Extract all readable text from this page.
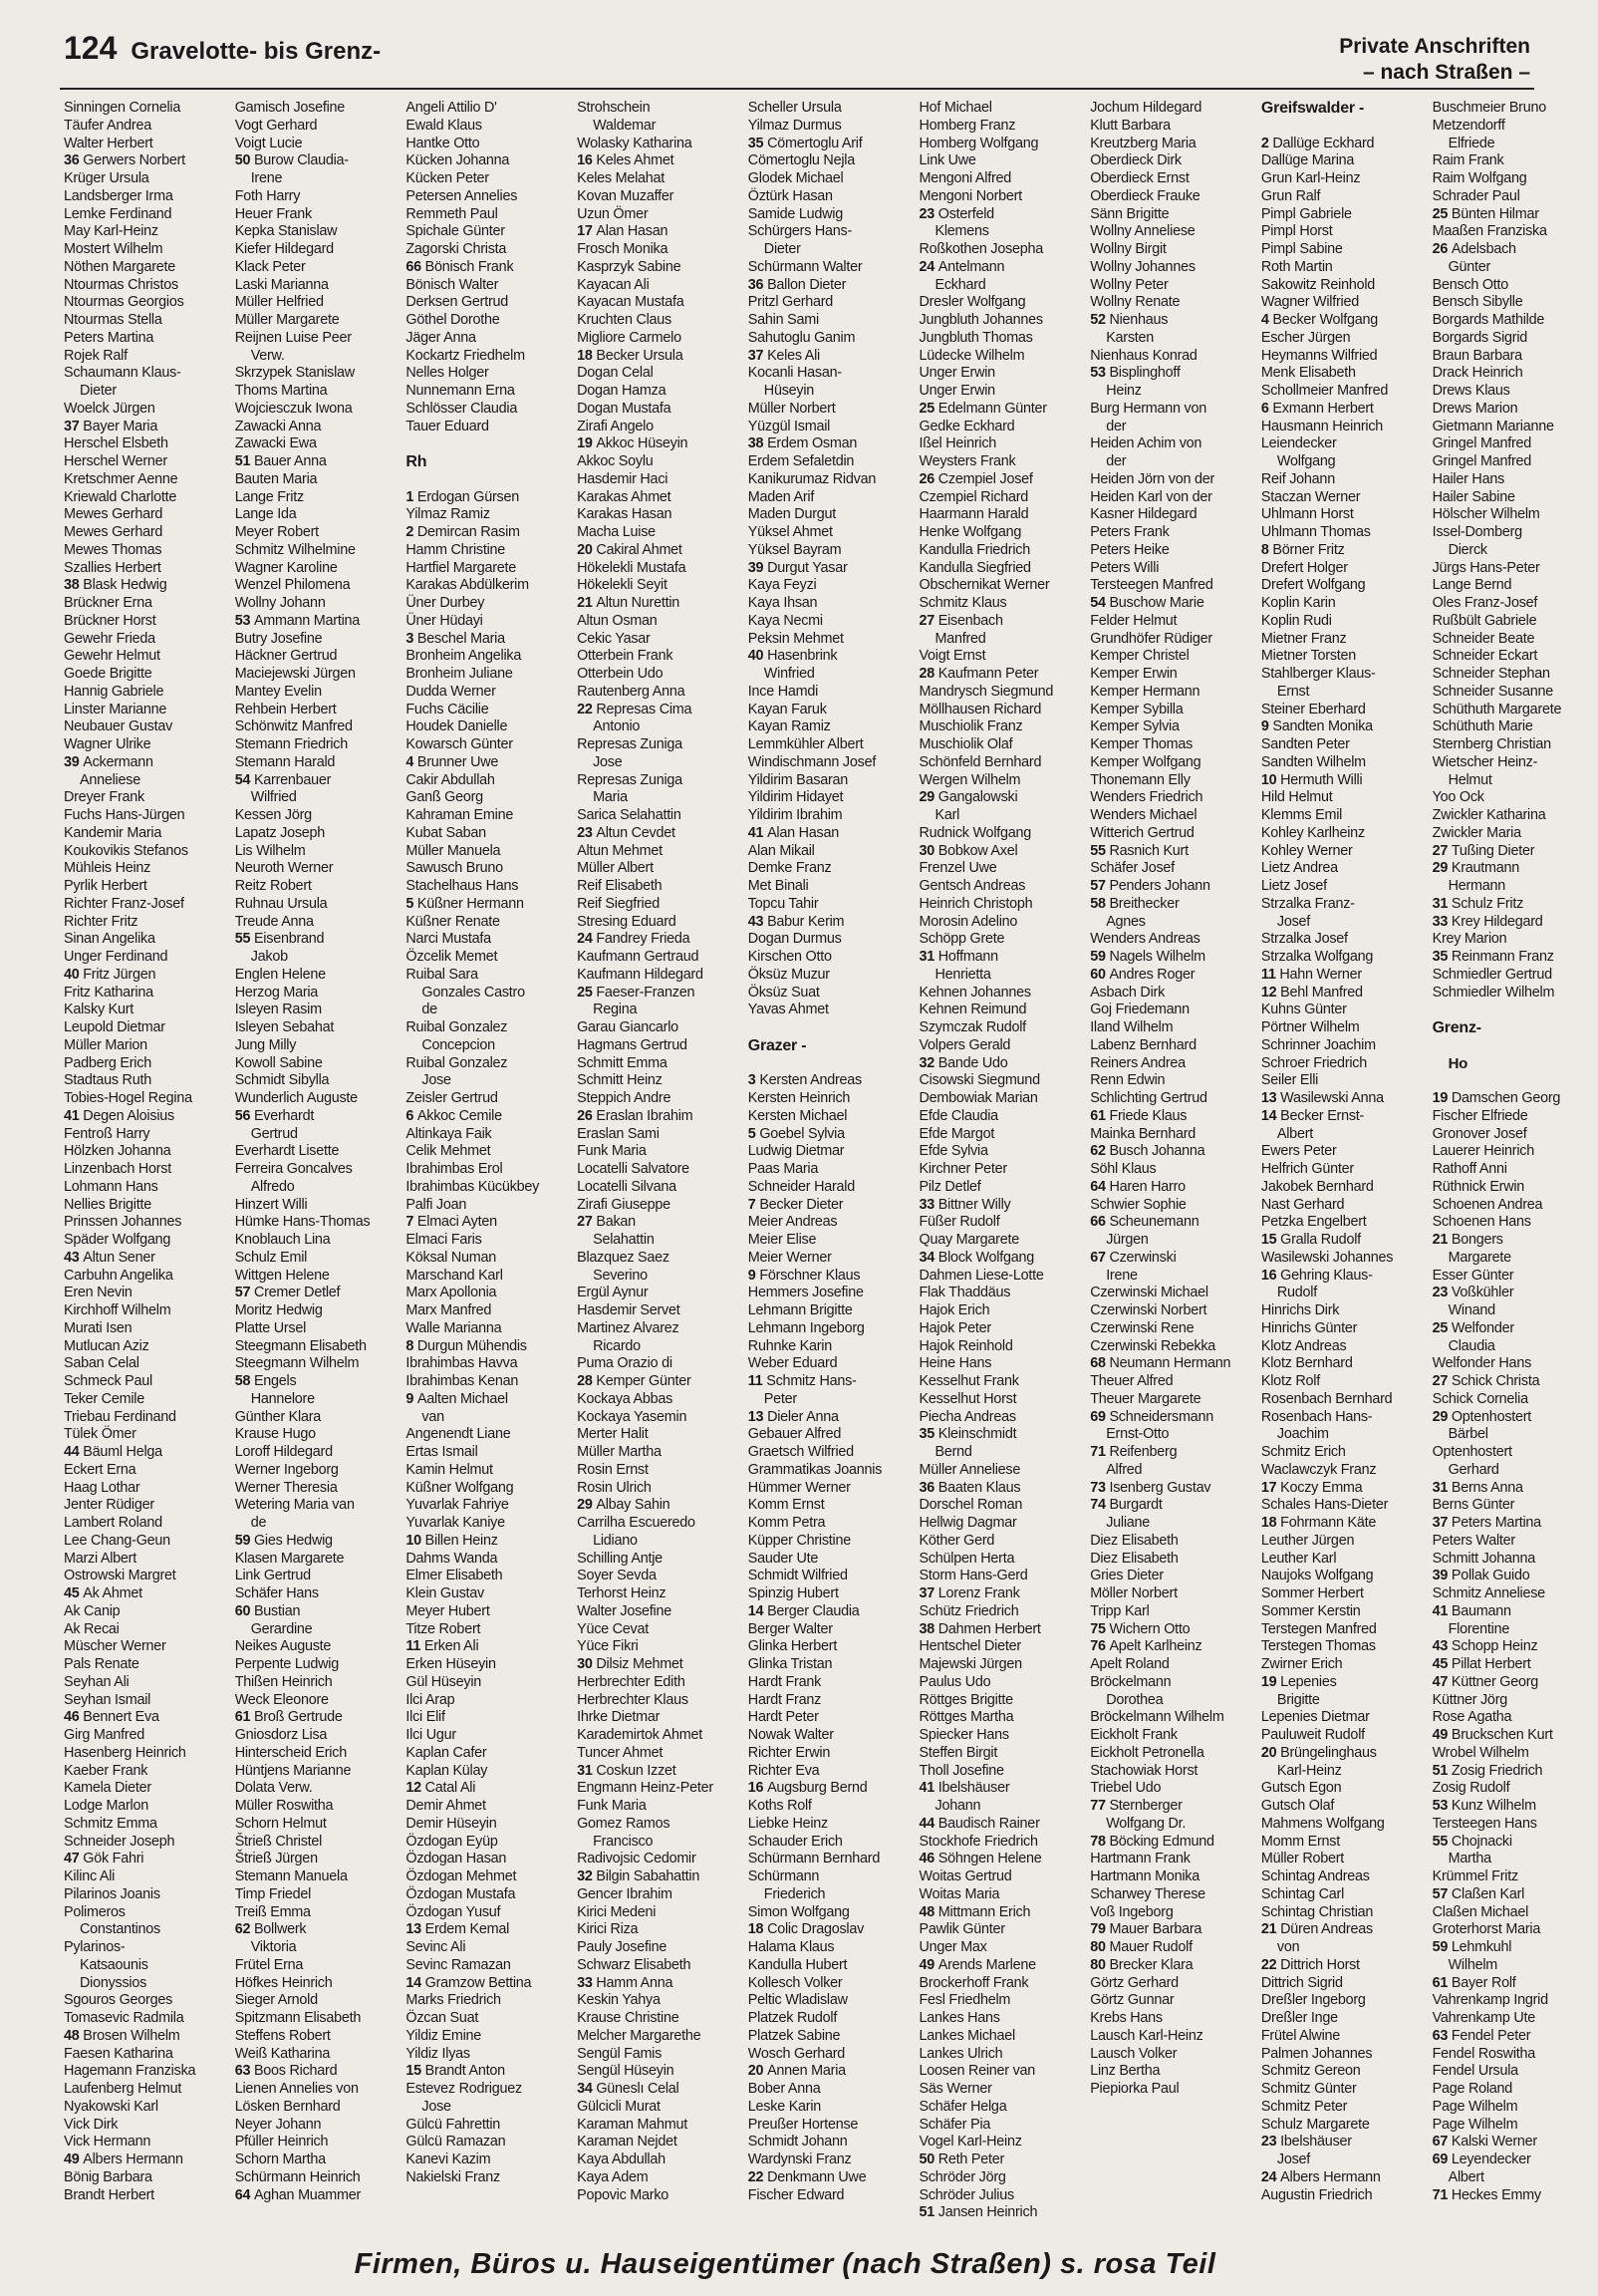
124 Gravelotte- bis Grenz-	Private Anschriften
– nach Straßen –
Sinningen Cornelia
Täufer Andrea
Walter Herbert
36 Gerwers Norbert
Krüger Ursula
Landsberger Irma
Lemke Ferdinand
May Karl-Heinz
Mostert Wilhelm
Nöthen Margarete
Ntourmas Christos
Ntourmas Georgios
Ntourmas Stella
Peters Martina
Rojek Ralf
Schaumann Klaus-
Dieter
Woelck Jürgen
37 Bayer Maria
Herschel Elsbeth
Herschel Werner
Kretschmer Aenne
Kriewald Charlotte
Mewes Gerhard
Mewes Gerhard
Mewes Thomas
Szallies Herbert
38 Blask Hedwig
Brückner Erna
Brückner Horst
Gewehr Frieda
Gewehr Helmut
Goede Brigitte
Hannig Gabriele
Linster Marianne
Neubauer Gustav
Wagner Ulrike
39 Ackermann
Anneliese
Dreyer Frank
Fuchs Hans-Jürgen
Kandemir Maria
Koukovikis Stefanos
Mühleis Heinz
Pyrlik Herbert
Richter Franz-Josef
Richter Fritz
Sinan Angelika
Unger Ferdinand
40 Fritz Jürgen
Fritz Katharina
Kalsky Kurt
Leupold Dietmar
Müller Marion
Padberg Erich
Stadtaus Ruth
Tobies-Hogel Regina
41 Degen Aloisius
Fentroß Harry
Hölzken Johanna
Linzenbach Horst
Lohmann Hans
Nellies Brigitte
Prinssen Johannes
Späder Wolfgang
43 Altun Sener
Carbuhn Angelika
Eren Nevin
Kirchhoff Wilhelm
Murati Isen
Mutlucan Aziz
Saban Celal
Schmeck Paul
Teker Cemile
Triebau Ferdinand
Tülek Ömer
44 Bäuml Helga
Eckert Erna
Haag Lothar
Jenter Rüdiger
Lambert Roland
Lee Chang-Geun
Marzi Albert
Ostrowski Margret
45 Ak Ahmet
Ak Canip
Ak Recai
Müscher Werner
Pals Renate
Seyhan Ali
Seyhan Ismail
46 Bennert Eva
Girg Manfred
Hasenberg Heinrich
Kaeber Frank
Kamela Dieter
Lodge Marlon
Schmitz Emma
Schneider Joseph
47 Gök Fahri
Kilinc Ali
Pilarinos Joanis
Polimeros
Constantinos
Pylarinos-
Katsaounis
Dionyssios
Sgouros Georges
Tomasevic Radmila
48 Brosen Wilhelm
Faesen Katharina
Hagemann Franziska
Laufenberg Helmut
Nyakowski Karl
Vick Dirk
Vick Hermann
49 Albers Hermann
Bönig Barbara
Brandt Herbert
Gamisch Josefine
Vogt Gerhard
Voigt Lucie
50 Burow Claudia-
Irene
Foth Harry
Heuer Frank
Kepka Stanislaw
Kiefer Hildegard
Klack Peter
Laski Marianna
Müller Helfried
Müller Margarete
Reijnen Luise Peer
Verw.
Skrzypek Stanislaw
Thoms Martina
Wojciesczuk Iwona
Zawacki Anna
Zawacki Ewa
51 Bauer Anna
Bauten Maria
Lange Fritz
Lange Ida
Meyer Robert
Schmitz Wilhelmine
Wagner Karoline
Wenzel Philomena
Wollny Johann
53 Ammann Martina
Butry Josefine
Häckner Gertrud
Maciejewski Jürgen
Mantey Evelin
Rehbein Herbert
Schönwitz Manfred
Stemann Friedrich
Stemann Harald
54 Karrenbauer
Wilfried
Kessen Jörg
Lapatz Joseph
Lis Wilhelm
Neuroth Werner
Reitz Robert
Ruhnau Ursula
Treude Anna
55 Eisenbrand
Jakob
Englen Helene
Herzog Maria
Isleyen Rasim
Isleyen Sebahat
Jung Milly
Kowoll Sabine
Schmidt Sibylla
Wunderlich Auguste
56 Everhardt
Gertrud
Everhardt Lisette
Ferreira Goncalves
Alfredo
Hinzert Willi
Hümke Hans-Thomas
Knoblauch Lina
Schulz Emil
Wittgen Helene
57 Cremer Detlef
Moritz Hedwig
Platte Ursel
Steegmann Elisabeth
Steegmann Wilhelm
58 Engels
Hannelore
Günther Klara
Krause Hugo
Loroff Hildegard
Werner Ingeborg
Werner Theresia
Wetering Maria van
de
59 Gies Hedwig
Klasen Margarete
Link Gertrud
Schäfer Hans
60 Bustian
Gerardine
Neikes Auguste
Perpente Ludwig
Thißen Heinrich
Weck Eleonore
61 Broß Gertrude
Gniosdorz Lisa
Hinterscheid Erich
Hüntjens Marianne
Dolata Verw.
Müller Roswitha
Schorn Helmut
Štrieß Christel
Štrieß Jürgen
Stemann Manuela
Timp Friedel
Treiß Emma
62 Bollwerk
Viktoria
Frütel Erna
Höfkes Heinrich
Sieger Arnold
Spitzmann Elisabeth
Steffens Robert
Weiß Katharina
63 Boos Richard
Lienen Annelies von
Lösken Bernhard
Neyer Johann
Pfüller Heinrich
Schorn Martha
Schürmann Heinrich
64 Aghan Muammer
Angeli Attilio D'
Ewald Klaus
Hantke Otto
Kücken Johanna
Kücken Peter
Petersen Annelies
Remmeth Paul
Spichale Günter
Zagorski Christa
66 Bönisch Frank
Bönisch Walter
Derksen Gertrud
Göthel Dorothe
Jäger Anna
Kockartz Friedhelm
Nelles Holger
Nunnemann Erna
Schlösser Claudia
Tauer Eduard
Rh
1 Erdogan Gürsen
Yilmaz Ramiz
2 Demircan Rasim
Hamm Christine
Hartfiel Margarete
Karakas Abdülkerim
Üner Durbey
Üner Hüdayi
3 Beschel Maria
Bronheim Angelika
Bronheim Juliane
Dudda Werner
Fuchs Cäcilie
Houdek Danielle
Kowarsch Günter
4 Brunner Uwe
Cakir Abdullah
Ganß Georg
Kahraman Emine
Kubat Saban
Müller Manuela
Sawusch Bruno
Stachelhaus Hans
5 Küßner Hermann
Küßner Renate
Narci Mustafa
Özcelik Memet
Ruibal Sara
Gonzales Castro
de
Ruibal Gonzalez
Concepcion
Ruibal Gonzalez
Jose
Zeisler Gertrud
6 Akkoc Cemile
Altinkaya Faik
Celik Mehmet
Ibrahimbas Erol
Ibrahimbas Kücükbey
Palfi Joan
7 Elmaci Ayten
Elmaci Faris
Köksal Numan
Marschand Karl
Marx Apollonia
Marx Manfred
Walle Marianna
8 Durgun Mühendis
Ibrahimbas Havva
Ibrahimbas Kenan
9 Aalten Michael
van
Angenendt Liane
Ertas Ismail
Kamin Helmut
Küßner Wolfgang
Yuvarlak Fahriye
Yuvarlak Kaniye
10 Billen Heinz
Dahms Wanda
Elmer Elisabeth
Klein Gustav
Meyer Hubert
Titze Robert
11 Erken Ali
Erken Hüseyin
Gül Hüseyin
Ilci Arap
Ilci Elif
Ilci Ugur
Kaplan Cafer
Kaplan Külay
12 Catal Ali
Demir Ahmet
Demir Hüseyin
Özdogan Eyüp
Özdogan Hasan
Özdogan Mehmet
Özdogan Mustafa
Özdogan Yusuf
13 Erdem Kemal
Sevinc Ali
Sevinc Ramazan
14 Gramzow Bettina
Marks Friedrich
Özcan Suat
Yildiz Emine
Yildiz Ilyas
15 Brandt Anton
Estevez Rodriguez
Jose
Gülcü Fahrettin
Gülcü Ramazan
Kanevi Kazim
Nakielski Franz
Strohschein
Waldemar
Wolasky Katharina
16 Keles Ahmet
Keles Melahat
Kovan Muzaffer
Uzun Ömer
17 Alan Hasan
Frosch Monika
Kasprzyk Sabine
Kayacan Ali
Kayacan Mustafa
Kruchten Claus
Migliore Carmelo
18 Becker Ursula
Dogan Celal
Dogan Hamza
Dogan Mustafa
Zirafi Angelo
19 Akkoc Hüseyin
Akkoc Soylu
Hasdemir Haci
Karakas Ahmet
Karakas Hasan
Macha Luise
20 Cakiral Ahmet
Hökelekli Mustafa
Hökelekli Seyit
21 Altun Nurettin
Altun Osman
Cekic Yasar
Otterbein Frank
Otterbein Udo
Rautenberg Anna
22 Represas Cima
Antonio
Represas Zuniga
Jose
Represas Zuniga
Maria
Sarica Selahattin
23 Altun Cevdet
Altun Mehmet
Müller Albert
Reif Elisabeth
Reif Siegfried
Stresing Eduard
24 Fandrey Frieda
Kaufmann Gertraud
Kaufmann Hildegard
25 Faeser-Franzen
Regina
Garau Giancarlo
Hagmans Gertrud
Schmitt Emma
Schmitt Heinz
Steppich Andre
26 Eraslan Ibrahim
Eraslan Sami
Funk Maria
Locatelli Salvatore
Locatelli Silvana
Zirafi Giuseppe
27 Bakan
Selahattin
Blazquez Saez
Severino
Ergül Aynur
Hasdemir Servet
Martinez Alvarez
Ricardo
Puma Orazio di
28 Kemper Günter
Kockaya Abbas
Kockaya Yasemin
Merter Halit
Müller Martha
Rosin Ernst
Rosin Ulrich
29 Albay Sahin
Carrilha Escueredo
Lidiano
Schilling Antje
Soyer Sevda
Terhorst Heinz
Walter Josefine
Yüce Cevat
Yüce Fikri
30 Dilsiz Mehmet
Herbrechter Edith
Herbrechter Klaus
Ihrke Dietmar
Karademirtok Ahmet
Tuncer Ahmet
31 Coskun Izzet
Engmann Heinz-Peter
Funk Maria
Gomez Ramos
Francisco
Radivojsic Cedomir
32 Bilgin Sabahattin
Gencer Ibrahim
Kirici Medeni
Kirici Riza
Pauly Josefine
Schwarz Elisabeth
33 Hamm Anna
Keskin Yahya
Krause Christine
Melcher Margarethe
Sengül Famis
Sengül Hüseyin
34 Güneslı Celal
Gülcicli Murat
Karaman Mahmut
Karaman Nejdet
Kaya Abdullah
Kaya Adem
Popovic Marko
Scheller Ursula
Yilmaz Durmus
35 Cömertoglu Arif
Cömertoglu Nejla
Glodek Michael
Öztürk Hasan
Samide Ludwig
Schürgers Hans-
Dieter
Schürmann Walter
36 Ballon Dieter
Pritzl Gerhard
Sahin Sami
Sahutoglu Ganim
37 Keles Ali
Kocanli Hasan-
Hüseyin
Müller Norbert
Yüzgül Ismail
38 Erdem Osman
Erdem Sefaletdin
Kanikurumaz Ridvan
Maden Arif
Maden Durgut
Yüksel Ahmet
Yüksel Bayram
39 Durgut Yasar
Kaya Feyzi
Kaya Ihsan
Kaya Necmi
Peksin Mehmet
40 Hasenbrink
Winfried
Ince Hamdi
Kayan Faruk
Kayan Ramiz
Lemmkühler Albert
Windischmann Josef
Yildirim Basaran
Yildirim Hidayet
Yildirim Ibrahim
41 Alan Hasan
Alan Mikail
Demke Franz
Met Binali
Topcu Tahir
43 Babur Kerim
Dogan Durmus
Kirschen Otto
Öksüz Muzur
Öksüz Suat
Yavas Ahmet
Grazer -
3 Kersten Andreas
Kersten Heinrich
Kersten Michael
5 Goebel Sylvia
Ludwig Dietmar
Paas Maria
Schneider Harald
7 Becker Dieter
Meier Andreas
Meier Elise
Meier Werner
9 Förschner Klaus
Hemmers Josefine
Lehmann Brigitte
Lehmann Ingeborg
Ruhnke Karin
Weber Eduard
11 Schmitz Hans-
Peter
13 Dieler Anna
Gebauer Alfred
Graetsch Wilfried
Grammatikas Joannis
Hümmer Werner
Komm Ernst
Komm Petra
Küpper Christine
Sauder Ute
Schmidt Wilfried
Spinzig Hubert
14 Berger Claudia
Berger Walter
Glinka Herbert
Glinka Tristan
Hardt Frank
Hardt Franz
Hardt Peter
Nowak Walter
Richter Erwin
Richter Eva
16 Augsburg Bernd
Koths Rolf
Liebke Heinz
Schauder Erich
Schürmann Bernhard
Schürmann
Friederich
Simon Wolfgang
18 Colic Dragoslav
Halama Klaus
Kandulla Hubert
Kollesch Volker
Peltic Wladislaw
Platzek Rudolf
Platzek Sabine
Wosch Gerhard
20 Annen Maria
Bober Anna
Leske Karin
Preußer Hortense
Schmidt Johann
Wardynski Franz
22 Denkmann Uwe
Fischer Edward
Hof Michael
Homberg Franz
Homberg Wolfgang
Link Uwe
Mengoni Alfred
Mengoni Norbert
23 Osterfeld
Klemens
Roßkothen Josepha
24 Antelmann
Eckhard
Dresler Wolfgang
Jungbluth Johannes
Jungbluth Thomas
Lüdecke Wilhelm
Unger Erwin
Unger Erwin
25 Edelmann Günter
Gedke Eckhard
Ißel Heinrich
Weysters Frank
26 Czempiel Josef
Czempiel Richard
Haarmann Harald
Henke Wolfgang
Kandulla Friedrich
Kandulla Siegfried
Obschernikat Werner
Schmitz Klaus
27 Eisenbach
Manfred
Voigt Ernst
28 Kaufmann Peter
Mandrysch Siegmund
Möllhausen Richard
Muschiolik Franz
Muschiolik Olaf
Schönfeld Bernhard
Wergen Wilhelm
29 Gangalowski
Karl
Rudnick Wolfgang
30 Bobkow Axel
Frenzel Uwe
Gentsch Andreas
Heinrich Christoph
Morosin Adelino
Schöpp Grete
31 Hoffmann
Henrietta
Kehnen Johannes
Kehnen Reimund
Szymczak Rudolf
Volpers Gerald
32 Bande Udo
Cisowski Siegmund
Dembowiak Marian
Efde Claudia
Efde Margot
Efde Sylvia
Kirchner Peter
Pilz Detlef
33 Bittner Willy
Füßer Rudolf
Quay Margarete
34 Block Wolfgang
Dahmen Liese-Lotte
Flak Thaddäus
Hajok Erich
Hajok Peter
Hajok Reinhold
Heine Hans
Kesselhut Frank
Kesselhut Horst
Piecha Andreas
35 Kleinschmidt
Bernd
Müller Anneliese
36 Baaten Klaus
Dorschel Roman
Hellwig Dagmar
Köther Gerd
Schülpen Herta
Storm Hans-Gerd
37 Lorenz Frank
Schütz Friedrich
38 Dahmen Herbert
Hentschel Dieter
Majewski Jürgen
Paulus Udo
Röttges Brigitte
Röttges Martha
Spiecker Hans
Steffen Birgit
Tholl Josefine
41 Ibelshäuser
Johann
44 Baudisch Rainer
Stockhofe Friedrich
46 Söhngen Helene
Woitas Gertrud
Woitas Maria
48 Mittmann Erich
Pawlik Günter
Unger Max
49 Arends Marlene
Brockerhoff Frank
Fesl Friedhelm
Lankes Hans
Lankes Michael
Lankes Ulrich
Loosen Reiner van
Säs Werner
Schäfer Helga
Schäfer Pia
Vogel Karl-Heinz
50 Reth Peter
Schröder Jörg
Schröder Julius
51 Jansen Heinrich
Jochum Hildegard
Klutt Barbara
Kreutzberg Maria
Oberdieck Dirk
Oberdieck Ernst
Oberdieck Frauke
Sänn Brigitte
Wollny Anneliese
Wollny Birgit
Wollny Johannes
Wollny Peter
Wollny Renate
52 Nienhaus
Karsten
Nienhaus Konrad
53 Bisplinghoff
Heinz
Burg Hermann von
der
Heiden Achim von
der
Heiden Jörn von der
Heiden Karl von der
Kasner Hildegard
Peters Frank
Peters Heike
Peters Willi
Tersteegen Manfred
54 Buschow Marie
Felder Helmut
Grundhöfer Rüdiger
Kemper Christel
Kemper Erwin
Kemper Hermann
Kemper Sybilla
Kemper Sylvia
Kemper Thomas
Kemper Wolfgang
Thonemann Elly
Wenders Friedrich
Wenders Michael
Witterich Gertrud
55 Rasnich Kurt
Schäfer Josef
57 Penders Johann
58 Breithecker
Agnes
Wenders Andreas
59 Nagels Wilhelm
60 Andres Roger
Asbach Dirk
Goj Friedemann
Iland Wilhelm
Labenz Bernhard
Reiners Andrea
Renn Edwin
Schlichting Gertrud
61 Friede Klaus
Mainka Bernhard
62 Busch Johanna
Söhl Klaus
64 Haren Harro
Schwier Sophie
66 Scheunemann
Jürgen
67 Czerwinski
Irene
Czerwinski Michael
Czerwinski Norbert
Czerwinski Rene
Czerwinski Rebekka
68 Neumann Hermann
Theuer Alfred
Theuer Margarete
69 Schneidersmann
Ernst-Otto
71 Reifenberg
Alfred
73 Isenberg Gustav
74 Burgardt
Juliane
Diez Elisabeth
Diez Elisabeth
Gries Dieter
Möller Norbert
Tripp Karl
75 Wichern Otto
76 Apelt Karlheinz
Apelt Roland
Bröckelmann
Dorothea
Bröckelmann Wilhelm
Eickholt Frank
Eickholt Petronella
Stachowiak Horst
Triebel Udo
77 Sternberger
Wolfgang Dr.
78 Böcking Edmund
Hartmann Frank
Hartmann Monika
Scharwey Therese
Voß Ingeborg
79 Mauer Barbara
80 Mauer Rudolf
80 Brecker Klara
Görtz Gerhard
Görtz Gunnar
Krebs Hans
Lausch Karl-Heinz
Lausch Volker
Linz Bertha
Piepiorka Paul
Greifswalder -
2 Dallüge Eckhard
Dallüge Marina
Grun Karl-Heinz
Grun Ralf
Pimpl Gabriele
Pimpl Horst
Pimpl Sabine
Roth Martin
Sakowitz Reinhold
Wagner Wilfried
4 Becker Wolfgang
Escher Jürgen
Heymanns Wilfried
Menk Elisabeth
Schollmeier Manfred
6 Exmann Herbert
Hausmann Heinrich
Leiendecker
Wolfgang
Reif Johann
Staczan Werner
Uhlmann Horst
Uhlmann Thomas
8 Börner Fritz
Drefert Holger
Drefert Wolfgang
Koplin Karin
Koplin Rudi
Mietner Franz
Mietner Torsten
Stahlberger Klaus-
Ernst
Steiner Eberhard
9 Sandten Monika
Sandten Peter
Sandten Wilhelm
10 Hermuth Willi
Hild Helmut
Klemms Emil
Kohley Karlheinz
Kohley Werner
Lietz Andrea
Lietz Josef
Strzalka Franz-
Josef
Strzalka Josef
Strzalka Wolfgang
11 Hahn Werner
12 Behl Manfred
Kuhns Günter
Pörtner Wilhelm
Schrinner Joachim
Schroer Friedrich
Seiler Elli
13 Wasilewski Anna
14 Becker Ernst-
Albert
Ewers Peter
Helfrich Günter
Jakobek Bernhard
Nast Gerhard
Petzka Engelbert
15 Gralla Rudolf
Wasilewski Johannes
16 Gehring Klaus-
Rudolf
Hinrichs Dirk
Hinrichs Günter
Klotz Andreas
Klotz Bernhard
Klotz Rolf
Rosenbach Bernhard
Rosenbach Hans-
Joachim
Schmitz Erich
Waclawczyk Franz
17 Koczy Emma
Schales Hans-Dieter
18 Fohrmann Käte
Leuther Jürgen
Leuther Karl
Naujoks Wolfgang
Sommer Herbert
Sommer Kerstin
Terstegen Manfred
Terstegen Thomas
Zwirner Erich
19 Lepenies
Brigitte
Lepenies Dietmar
Pauluweit Rudolf
20 Brüngelinghaus
Karl-Heinz
Gutsch Egon
Gutsch Olaf
Mahmens Wolfgang
Momm Ernst
Müller Robert
Schintag Andreas
Schintag Carl
Schintag Christian
21 Düren Andreas
von
22 Dittrich Horst
Dittrich Sigrid
Dreßler Ingeborg
Dreßler Inge
Frütel Alwine
Palmen Johannes
Schmitz Gereon
Schmitz Günter
Schmitz Peter
Schulz Margarete
23 Ibelshäuser
Josef
24 Albers Hermann
Augustin Friedrich
Buschmeier Bruno
Metzendorff
Elfriede
Raim Frank
Raim Wolfgang
Schrader Paul
25 Bünten Hilmar
Maaßen Franziska
26 Adelsbach
Günter
Bensch Otto
Bensch Sibylle
Borgards Mathilde
Borgards Sigrid
Braun Barbara
Drack Heinrich
Drews Klaus
Drews Marion
Gietmann Marianne
Gringel Manfred
Gringel Manfred
Hailer Hans
Hailer Sabine
Hölscher Wilhelm
Issel-Domberg
Dierck
Jürgs Hans-Peter
Lange Bernd
Oles Franz-Josef
Rußbült Gabriele
Schneider Beate
Schneider Eckart
Schneider Stephan
Schneider Susanne
Schüthuth Margarete
Schüthuth Marie
Sternberg Christian
Wietscher Heinz-
Helmut
Yoo Ock
Zwickler Katharina
Zwickler Maria
27 Tußing Dieter
29 Krautmann
Hermann
31 Schulz Fritz
33 Krey Hildegard
Krey Marion
35 Reinmann Franz
Schmiedler Gertrud
Schmiedler Wilhelm
Grenz-
Ho
19 Damschen Georg
Fischer Elfriede
Gronover Josef
Lauerer Heinrich
Rathoff Anni
Rüthnick Erwin
Schoenen Andrea
Schoenen Hans
21 Bongers
Margarete
Esser Günter
23 Voßkühler
Winand
25 Welfonder
Claudia
Welfonder Hans
27 Schick Christa
Schick Cornelia
29 Optenhostert
Bärbel
Optenhostert
Gerhard
31 Berns Anna
Berns Günter
37 Peters Martina
Peters Walter
Schmitt Johanna
39 Pollak Guido
Schmitz Anneliese
41 Baumann
Florentine
43 Schopp Heinz
45 Pillat Herbert
47 Küttner Georg
Küttner Jörg
Rose Agatha
49 Bruckschen Kurt
Wrobel Wilhelm
51 Zosig Friedrich
Zosig Rudolf
53 Kunz Wilhelm
Tersteegen Hans
55 Chojnacki
Martha
Krümmel Fritz
57 Claßen Karl
Claßen Michael
Groterhorst Maria
59 Lehmkuhl
Wilhelm
61 Bayer Rolf
Vahrenkamp Ingrid
Vahrenkamp Ute
63 Fendel Peter
Fendel Roswitha
Fendel Ursula
Page Roland
Page Wilhelm
Page Wilhelm
67 Kalski Werner
69 Leyendecker
Albert
71 Heckes Emmy
Firmen, Büros u. Hauseigentümer (nach Straßen) s. rosa Teil
